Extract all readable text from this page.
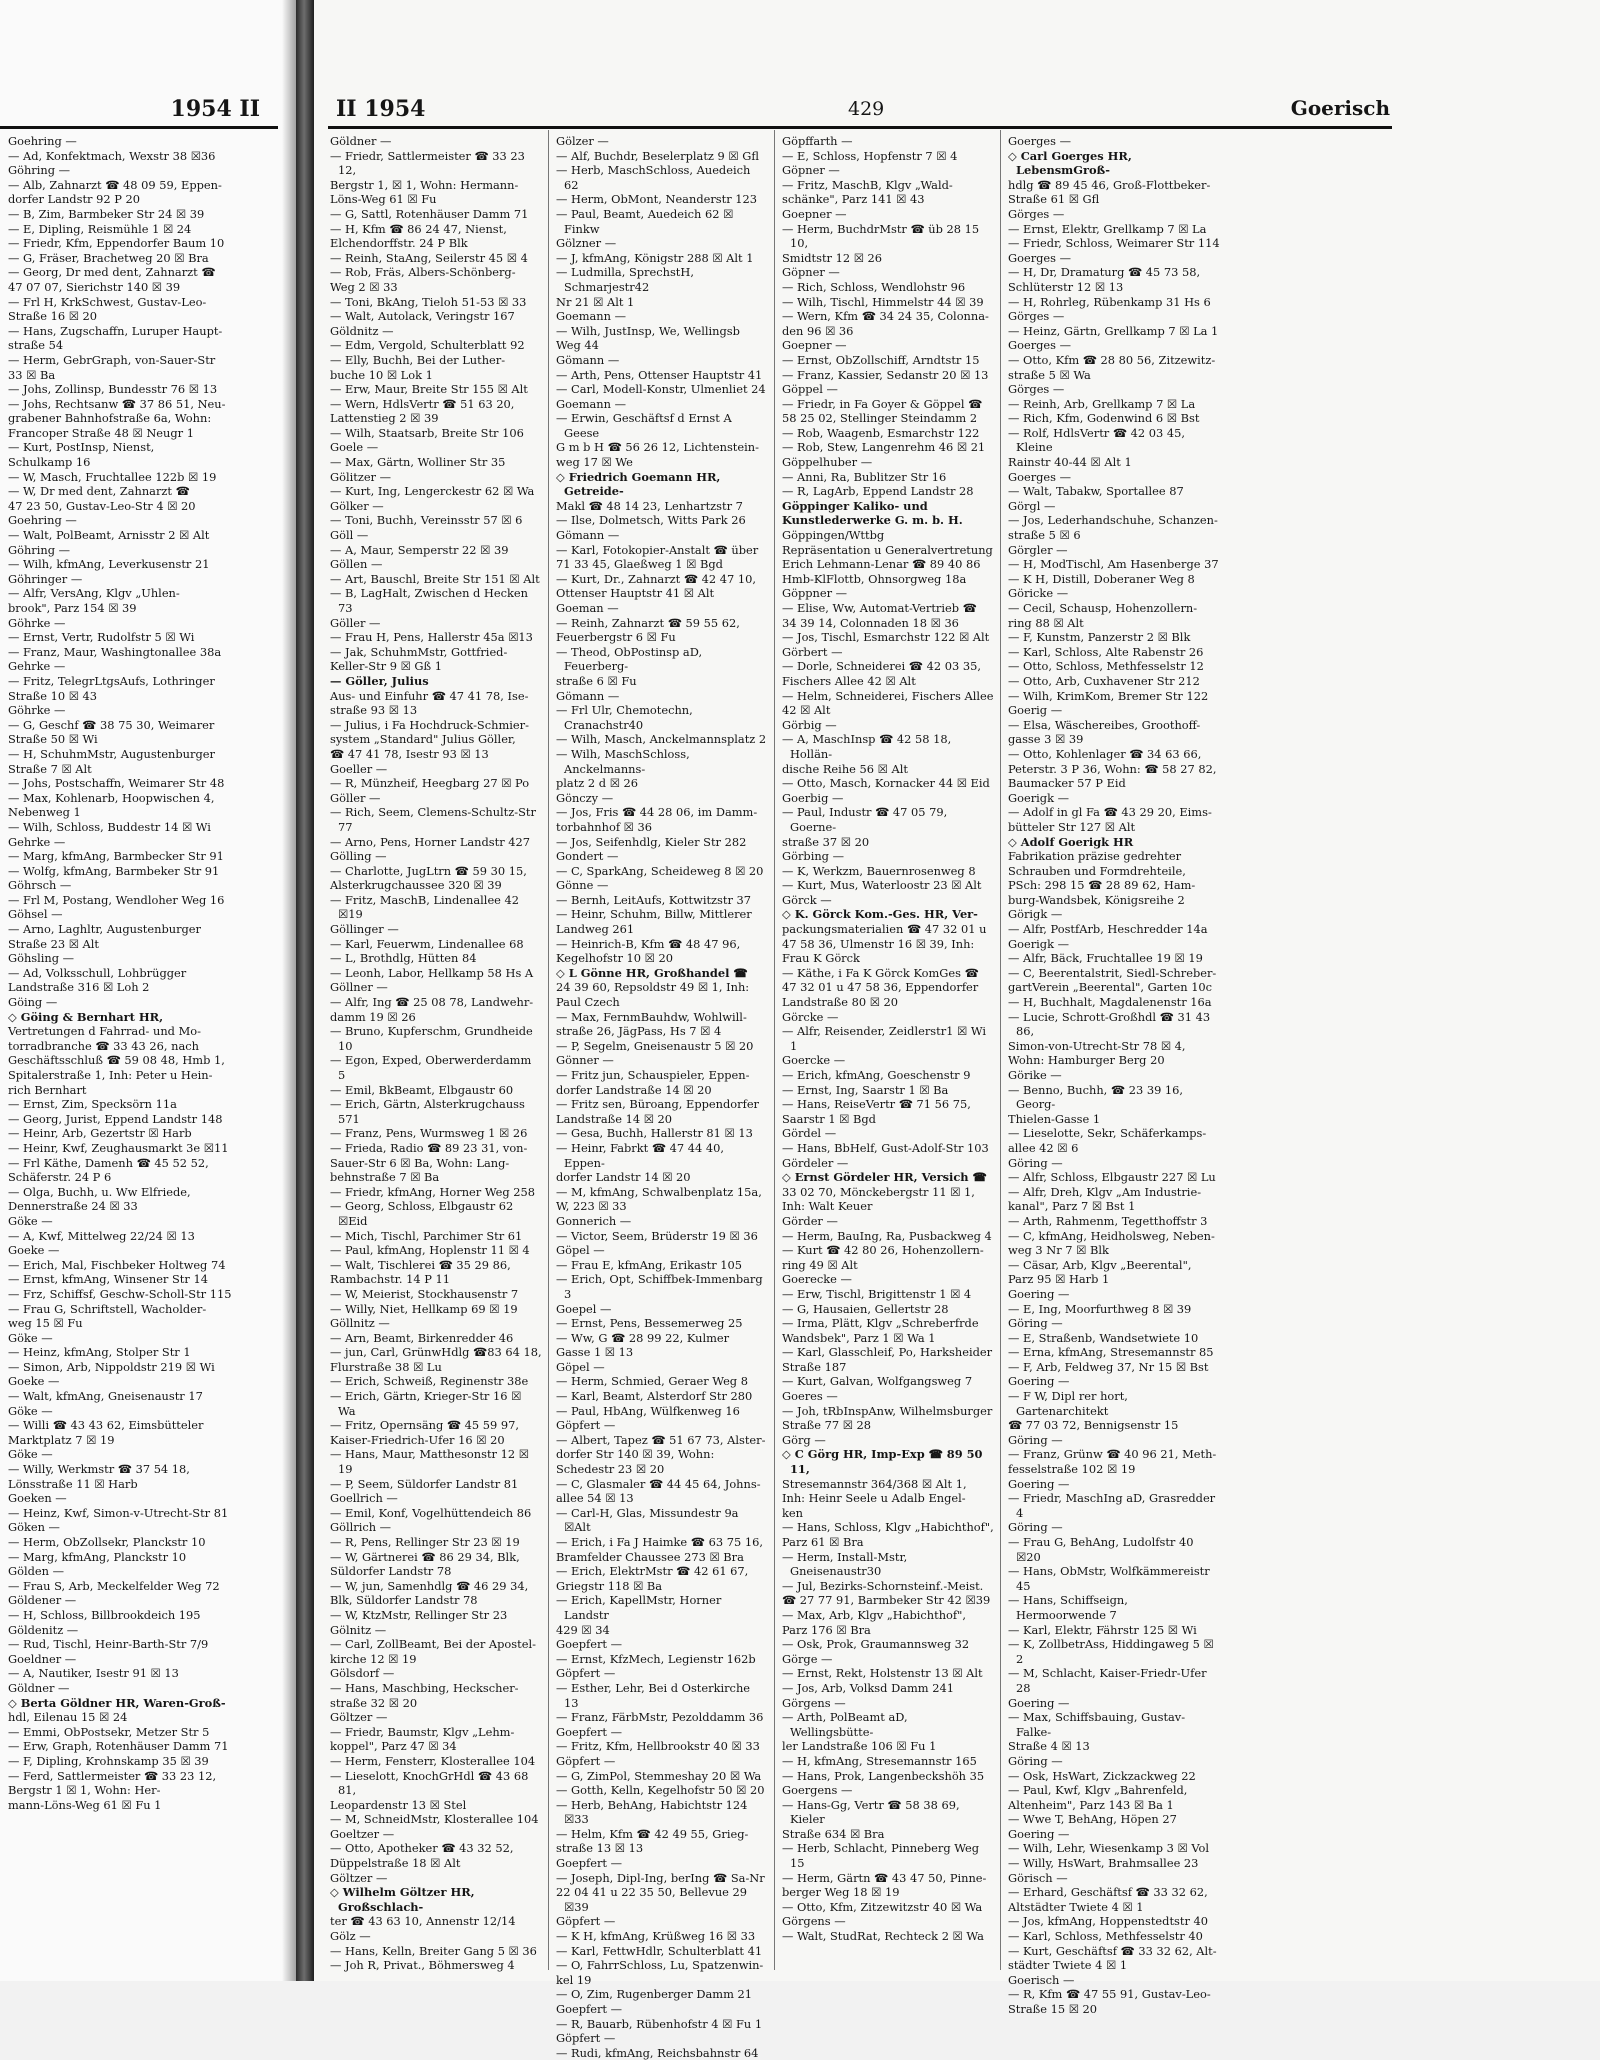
1954 II
Goehring —
— Ad, Konfektmach, Wexstr 38 ☒36
Göhring —
— Alb, Zahnarzt ☎ 48 09 59, Eppen-
dorfer Landstr 92 P 20
— B, Zim, Barmbeker Str 24 ☒ 39
— E, Dipling, Reismühle 1 ☒ 24
— Friedr, Kfm, Eppendorfer Baum 10
— G, Fräser, Brachetweg 20 ☒ Bra
— Georg, Dr med dent, Zahnarzt ☎
47 07 07, Sierichstr 140 ☒ 39
— Frl H, KrkSchwest, Gustav-Leo-
Straße 16 ☒ 20
— Hans, Zugschaffn, Luruper Haupt-
straße 54
— Herm, GebrGraph, von-Sauer-Str
33 ☒ Ba
— Johs, Zollinsp, Bundesstr 76 ☒ 13
— Johs, Rechtsanw ☎ 37 86 51, Neu-
grabener Bahnhofstraße 6a, Wohn:
Francoper Straße 48 ☒ Neugr 1
— Kurt, PostInsp, Nienst,
Schulkamp 16
— W, Masch, Fruchtallee 122b ☒ 19
— W, Dr med dent, Zahnarzt ☎
47 23 50, Gustav-Leo-Str 4 ☒ 20
Goehring —
— Walt, PolBeamt, Arnisstr 2 ☒ Alt
Göhring —
— Wilh, kfmAng, Leverkusenstr 21
Göhringer —
— Alfr, VersAng, Klgv „Uhlen-
brook", Parz 154 ☒ 39
Göhrke —
— Ernst, Vertr, Rudolfstr 5 ☒ Wi
— Franz, Maur, Washingtonallee 38a
Gehrke —
— Fritz, TelegrLtgsAufs, Lothringer
Straße 10 ☒ 43
Göhrke —
— G, Geschf ☎ 38 75 30, Weimarer
Straße 50 ☒ Wi
— H, SchuhmMstr, Augustenburger
Straße 7 ☒ Alt
— Johs, Postschaffn, Weimarer Str 48
— Max, Kohlenarb, Hoopwischen 4,
Nebenweg 1
— Wilh, Schloss, Buddestr 14 ☒ Wi
Gehrke —
— Marg, kfmAng, Barmbecker Str 91
— Wolfg, kfmAng, Barmbeker Str 91
Göhrsch —
— Frl M, Postang, Wendloher Weg 16
Göhsel —
— Arno, Laghltr, Augustenburger
Straße 23 ☒ Alt
Göhsling —
— Ad, Volksschull, Lohbrügger
Landstraße 316 ☒ Loh 2
Göing —
◇ Göing & Bernhart HR,
Vertretungen d Fahrrad- und Mo-
torradbranche ☎ 33 43 26, nach
Geschäftsschluß ☎ 59 08 48, Hmb 1,
Spitalerstraße 1, Inh: Peter u Hein-
rich Bernhart
— Ernst, Zim, Specksörn 11a
— Georg, Jurist, Eppend Landstr 148
— Heinr, Arb, Gezertstr ☒ Harb
— Heinr, Kwf, Zeughausmarkt 3e ☒11
— Frl Käthe, Damenh ☎ 45 52 52,
Schäferstr. 24 P 6
— Olga, Buchh, u. Ww Elfriede,
Dennerstraße 24 ☒ 33
Göke —
— A, Kwf, Mittelweg 22/24 ☒ 13
Goeke —
— Erich, Mal, Fischbeker Holtweg 74
— Ernst, kfmAng, Winsener Str 14
— Frz, Schiffsf, Geschw-Scholl-Str 115
— Frau G, Schriftstell, Wacholder-
weg 15 ☒ Fu
Göke —
— Heinz, kfmAng, Stolper Str 1
— Simon, Arb, Nippoldstr 219 ☒ Wi
Goeke —
— Walt, kfmAng, Gneisenaustr 17
Göke —
— Willi ☎ 43 43 62, Eimsbütteler
Marktplatz 7 ☒ 19
Göke —
— Willy, Werkmstr ☎ 37 54 18,
Lönsstraße 11 ☒ Harb
Goeken —
— Heinz, Kwf, Simon-v-Utrecht-Str 81
Göken —
— Herm, ObZollsekr, Planckstr 10
— Marg, kfmAng, Planckstr 10
Gölden —
— Frau S, Arb, Meckelfelder Weg 72
Göldener —
— H, Schloss, Billbrookdeich 195
Göldenitz —
— Rud, Tischl, Heinr-Barth-Str 7/9
Goeldner —
— A, Nautiker, Isestr 91 ☒ 13
Göldner —
◇ Berta Göldner HR, Waren-Groß-
hdl, Eilenau 15 ☒ 24
— Emmi, ObPostsekr, Metzer Str 5
— Erw, Graph, Rotenhäuser Damm 71
— F, Dipling, Krohnskamp 35 ☒ 39
— Ferd, Sattlermeister ☎ 33 23 12,
Bergstr 1 ☒ 1, Wohn: Her-
mann-Löns-Weg 61 ☒ Fu 1
II 1954	429	Goerisch
Göldner —
— Friedr, Sattlermeister ☎ 33 23 12,
Bergstr 1, ☒ 1, Wohn: Hermann-
Löns-Weg 61 ☒ Fu
— G, Sattl, Rotenhäuser Damm 71
— H, Kfm ☎ 86 24 47, Nienst,
Elchendorffstr. 24 P Blk
— Reinh, StaAng, Seilerstr 45 ☒ 4
— Rob, Fräs, Albers-Schönberg-
Weg 2 ☒ 33
— Toni, BkAng, Tieloh 51-53 ☒ 33
— Walt, Autolack, Veringstr 167
Göldnitz —
— Edm, Vergold, Schulterblatt 92
— Elly, Buchh, Bei der Luther-
buche 10 ☒ Lok 1
— Erw, Maur, Breite Str 155 ☒ Alt
— Wern, HdlsVertr ☎ 51 63 20,
Lattenstieg 2 ☒ 39
— Wilh, Staatsarb, Breite Str 106
Goele —
— Max, Gärtn, Wolliner Str 35
Gölitzer —
— Kurt, Ing, Lengerckestr 62 ☒ Wa
Gölker —
— Toni, Buchh, Vereinsstr 57 ☒ 6
Göll —
— A, Maur, Semperstr 22 ☒ 39
Göllen —
— Art, Bauschl, Breite Str 151 ☒ Alt
— B, LagHalt, Zwischen d Hecken 73
Göller —
— Frau H, Pens, Hallerstr 45a ☒13
— Jak, SchuhmMstr, Gottfried-
Keller-Str 9 ☒ Gß 1
— Göller, Julius
Aus- und Einfuhr ☎ 47 41 78, Ise-
straße 93 ☒ 13
— Julius, i Fa Hochdruck-Schmier-
system „Standard" Julius Göller,
☎ 47 41 78, Isestr 93 ☒ 13
Goeller —
— R, Münzheif, Heegbarg 27 ☒ Po
Göller —
— Rich, Seem, Clemens-Schultz-Str 77
— Arno, Pens, Horner Landstr 427
Gölling —
— Charlotte, JugLtrn ☎ 59 30 15,
Alsterkrugchaussee 320 ☒ 39
— Fritz, MaschB, Lindenallee 42 ☒19
Göllinger —
— Karl, Feuerwm, Lindenallee 68
— L, Brothdlg, Hütten 84
— Leonh, Labor, Hellkamp 58 Hs A
Göllner —
— Alfr, Ing ☎ 25 08 78, Landwehr-
damm 19 ☒ 26
— Bruno, Kupferschm, Grundheide 10
— Egon, Exped, Oberwerderdamm 5
— Emil, BkBeamt, Elbgaustr 60
— Erich, Gärtn, Alsterkrugchauss 571
— Franz, Pens, Wurmsweg 1 ☒ 26
— Frieda, Radio ☎ 89 23 31, von-
Sauer-Str 6 ☒ Ba, Wohn: Lang-
behnstraße 7 ☒ Ba
— Friedr, kfmAng, Horner Weg 258
— Georg, Schloss, Elbgaustr 62 ☒Eid
— Mich, Tischl, Parchimer Str 61
— Paul, kfmAng, Hoplenstr 11 ☒ 4
— Walt, Tischlerei ☎ 35 29 86,
Rambachstr. 14 P 11
— W, Meierist, Stockhausenstr 7
— Willy, Niet, Hellkamp 69 ☒ 19
Göllnitz —
— Arn, Beamt, Birkenredder 46
— jun, Carl, GrünwHdlg ☎83 64 18,
Flurstraße 38 ☒ Lu
— Erich, Schweiß, Reginenstr 38e
— Erich, Gärtn, Krieger-Str 16 ☒ Wa
— Fritz, Opernsäng ☎ 45 59 97,
Kaiser-Friedrich-Ufer 16 ☒ 20
— Hans, Maur, Matthesonstr 12 ☒ 19
— P, Seem, Süldorfer Landstr 81
Goellrich —
— Emil, Konf, Vogelhüttendeich 86
Göllrich —
— R, Pens, Rellinger Str 23 ☒ 19
— W, Gärtnerei ☎ 86 29 34, Blk,
Süldorfer Landstr 78
— W, jun, Samenhdlg ☎ 46 29 34,
Blk, Süldorfer Landstr 78
— W, KtzMstr, Rellinger Str 23
Gölnitz —
— Carl, ZollBeamt, Bei der Apostel-
kirche 12 ☒ 19
Gölsdorf —
— Hans, Maschbing, Heckscher-
straße 32 ☒ 20
Göltzer —
— Friedr, Baumstr, Klgv „Lehm-
koppel", Parz 47 ☒ 34
— Herm, Fensterr, Klosterallee 104
— Lieselott, KnochGrHdl ☎ 43 68 81,
Leopardenstr 13 ☒ Stel
— M, SchneidMstr, Klosterallee 104
Goeltzer —
— Otto, Apotheker ☎ 43 32 52,
Düppelstraße 18 ☒ Alt
Göltzer —
◇ Wilhelm Göltzer HR, Großschlach-
ter ☎ 43 63 10, Annenstr 12/14
Gölz —
— Hans, Kelln, Breiter Gang 5 ☒ 36
— Joh R, Privat., Böhmersweg 4
Gölzer —
— Alf, Buchdr, Beselerplatz 9 ☒ Gfl
— Herb, MaschSchloss, Auedeich 62
— Herm, ObMont, Neanderstr 123
— Paul, Beamt, Auedeich 62 ☒ Finkw
Gölzner —
— J, kfmAng, Königstr 288 ☒ Alt 1
— Ludmilla, SprechstH, Schmarjestr42
Nr 21 ☒ Alt 1
Goemann —
— Wilh, JustInsp, We, Wellingsb
Weg 44
Gömann —
— Arth, Pens, Ottenser Hauptstr 41
— Carl, Modell-Konstr, Ulmenliet 24
Goemann —
— Erwin, Geschäftsf d Ernst A Geese
G m b H ☎ 56 26 12, Lichtenstein-
weg 17 ☒ We
◇ Friedrich Goemann HR, Getreide-
Makl ☎ 48 14 23, Lenhartzstr 7
— Ilse, Dolmetsch, Witts Park 26
Gömann —
— Karl, Fotokopier-Anstalt ☎ über
71 33 45, Glaeßweg 1 ☒ Bgd
— Kurt, Dr., Zahnarzt ☎ 42 47 10,
Ottenser Hauptstr 41 ☒ Alt
Goeman —
— Reinh, Zahnarzt ☎ 59 55 62,
Feuerbergstr 6 ☒ Fu
— Theod, ObPostinsp aD, Feuerberg-
straße 6 ☒ Fu
Gömann —
— Frl Ulr, Chemotechn, Cranachstr40
— Wilh, Masch, Anckelmannsplatz 2
— Wilh, MaschSchloss, Anckelmanns-
platz 2 d ☒ 26
Gönczy —
— Jos, Fris ☎ 44 28 06, im Damm-
torbahnhof ☒ 36
— Jos, Seifenhdlg, Kieler Str 282
Gondert —
— C, SparkAng, Scheideweg 8 ☒ 20
Gönne —
— Bernh, LeitAufs, Kottwitzstr 37
— Heinr, Schuhm, Billw, Mittlerer
Landweg 261
— Heinrich-B, Kfm ☎ 48 47 96,
Kegelhofstr 10 ☒ 20
◇ L Gönne HR, Großhandel ☎
24 39 60, Repsoldstr 49 ☒ 1, Inh:
Paul Czech
— Max, FernmBauhdw, Wohlwill-
straße 26, JägPass, Hs 7 ☒ 4
— P, Segelm, Gneisenaustr 5 ☒ 20
Gönner —
— Fritz jun, Schauspieler, Eppen-
dorfer Landstraße 14 ☒ 20
— Fritz sen, Büroang, Eppendorfer
Landstraße 14 ☒ 20
— Gesa, Buchh, Hallerstr 81 ☒ 13
— Heinr, Fabrkt ☎ 47 44 40, Eppen-
dorfer Landstr 14 ☒ 20
— M, kfmAng, Schwalbenplatz 15a,
W, 223 ☒ 33
Gonnerich —
— Victor, Seem, Brüderstr 19 ☒ 36
Göpel —
— Frau E, kfmAng, Erikastr 105
— Erich, Opt, Schiffbek-Immenbarg 3
Goepel —
— Ernst, Pens, Bessemerweg 25
— Ww, G ☎ 28 99 22, Kulmer
Gasse 1 ☒ 13
Göpel —
— Herm, Schmied, Geraer Weg 8
— Karl, Beamt, Alsterdorf Str 280
— Paul, HbAng, Wülfkenweg 16
Göpfert —
— Albert, Tapez ☎ 51 67 73, Alster-
dorfer Str 140 ☒ 39, Wohn:
Schedestr 23 ☒ 20
— C, Glasmaler ☎ 44 45 64, Johns-
allee 54 ☒ 13
— Carl-H, Glas, Missundestr 9a ☒Alt
— Erich, i Fa J Haimke ☎ 63 75 16,
Bramfelder Chaussee 273 ☒ Bra
— Erich, ElektrMstr ☎ 42 61 67,
Griegstr 118 ☒ Ba
— Erich, KapellMstr, Horner Landstr
429 ☒ 34
Goepfert —
— Ernst, KfzMech, Legienstr 162b
Göpfert —
— Esther, Lehr, Bei d Osterkirche 13
— Franz, FärbMstr, Pezolddamm 36
Goepfert —
— Fritz, Kfm, Hellbrookstr 40 ☒ 33
Göpfert —
— G, ZimPol, Stemmeshay 20 ☒ Wa
— Gotth, Kelln, Kegelhofstr 50 ☒ 20
— Herb, BehAng, Habichtstr 124 ☒33
— Helm, Kfm ☎ 42 49 55, Grieg-
straße 13 ☒ 13
Goepfert —
— Joseph, Dipl-Ing, berIng ☎ Sa-Nr
22 04 41 u 22 35 50, Bellevue 29 ☒39
Göpfert —
— K H, kfmAng, Krüßweg 16 ☒ 33
— Karl, FettwHdlr, Schulterblatt 41
— O, FahrrSchloss, Lu, Spatzenwin-
kel 19
— O, Zim, Rugenberger Damm 21
Goepfert —
— R, Bauarb, Rübenhofstr 4 ☒ Fu 1
Göpfert —
— Rudi, kfmAng, Reichsbahnstr 64
Göpffarth —
— E, Schloss, Hopfenstr 7 ☒ 4
Göpner —
— Fritz, MaschB, Klgv „Wald-
schänke", Parz 141 ☒ 43
Goepner —
— Herm, BuchdrMstr ☎ üb 28 15 10,
Smidtstr 12 ☒ 26
Göpner —
— Rich, Schloss, Wendlohstr 96
— Wilh, Tischl, Himmelstr 44 ☒ 39
— Wern, Kfm ☎ 34 24 35, Colonna-
den 96 ☒ 36
Goepner —
— Ernst, ObZollschiff, Arndtstr 15
— Franz, Kassier, Sedanstr 20 ☒ 13
Göppel —
— Friedr, in Fa Goyer & Göppel ☎
58 25 02, Stellinger Steindamm 2
— Rob, Waagenb, Esmarchstr 122
— Rob, Stew, Langenrehm 46 ☒ 21
Göppelhuber —
— Anni, Ra, Bublitzer Str 16
— R, LagArb, Eppend Landstr 28
Göppinger Kaliko- und
Kunstlederwerke G. m. b. H.
Göppingen/Wttbg
Repräsentation u Generalvertretung
Erich Lehmann-Lenar ☎ 89 40 86
Hmb-KlFlottb, Ohnsorgweg 18a
Göppner —
— Elise, Ww, Automat-Vertrieb ☎
34 39 14, Colonnaden 18 ☒ 36
— Jos, Tischl, Esmarchstr 122 ☒ Alt
Görbert —
— Dorle, Schneiderei ☎ 42 03 35,
Fischers Allee 42 ☒ Alt
— Helm, Schneiderei, Fischers Allee
42 ☒ Alt
Görbig —
— A, MaschInsp ☎ 42 58 18, Hollän-
dische Reihe 56 ☒ Alt
— Otto, Masch, Kornacker 44 ☒ Eid
Goerbig —
— Paul, Industr ☎ 47 05 79, Goerne-
straße 37 ☒ 20
Görbing —
— K, Werkzm, Bauernrosenweg 8
— Kurt, Mus, Waterloostr 23 ☒ Alt
Görck —
◇ K. Görck Kom.-Ges. HR, Ver-
packungsmaterialien ☎ 47 32 01 u
47 58 36, Ulmenstr 16 ☒ 39, Inh:
Frau K Görck
— Käthe, i Fa K Görck KomGes ☎
47 32 01 u 47 58 36, Eppendorfer
Landstraße 80 ☒ 20
Görcke —
— Alfr, Reisender, Zeidlerstr1 ☒ Wi 1
Goercke —
— Erich, kfmAng, Goeschenstr 9
— Ernst, Ing, Saarstr 1 ☒ Ba
— Hans, ReiseVertr ☎ 71 56 75,
Saarstr 1 ☒ Bgd
Gördel —
— Hans, BbHelf, Gust-Adolf-Str 103
Gördeler —
◇ Ernst Gördeler HR, Versich ☎
33 02 70, Mönckebergstr 11 ☒ 1,
Inh: Walt Keuer
Görder —
— Herm, BauIng, Ra, Pusbackweg 4
— Kurt ☎ 42 80 26, Hohenzollern-
ring 49 ☒ Alt
Goerecke —
— Erw, Tischl, Brigittenstr 1 ☒ 4
— G, Hausaien, Gellertstr 28
— Irma, Plätt, Klgv „Schreberfrde
Wandsbek", Parz 1 ☒ Wa 1
— Karl, Glasschleif, Po, Harksheider
Straße 187
— Kurt, Galvan, Wolfgangsweg 7
Goeres —
— Joh, tRbInspAnw, Wilhelmsburger
Straße 77 ☒ 28
Görg —
◇ C Görg HR, Imp-Exp ☎ 89 50 11,
Stresemannstr 364/368 ☒ Alt 1,
Inh: Heinr Seele u Adalb Engel-
ken
— Hans, Schloss, Klgv „Habichthof",
Parz 61 ☒ Bra
— Herm, Install-Mstr, Gneisenaustr30
— Jul, Bezirks-Schornsteinf.-Meist.
☎ 27 77 91, Barmbeker Str 42 ☒39
— Max, Arb, Klgv „Habichthof",
Parz 176 ☒ Bra
— Osk, Prok, Graumannsweg 32
Görge —
— Ernst, Rekt, Holstenstr 13 ☒ Alt
— Jos, Arb, Volksd Damm 241
Görgens —
— Arth, PolBeamt aD, Wellingsbütte-
ler Landstraße 106 ☒ Fu 1
— H, kfmAng, Stresemannstr 165
— Hans, Prok, Langenbeckshöh 35
Goergens —
— Hans-Gg, Vertr ☎ 58 38 69, Kieler
Straße 634 ☒ Bra
— Herb, Schlacht, Pinneberg Weg 15
— Herm, Gärtn ☎ 43 47 50, Pinne-
berger Weg 18 ☒ 19
— Otto, Kfm, Zitzewitzstr 40 ☒ Wa
Görgens —
— Walt, StudRat, Rechteck 2 ☒ Wa
Goerges —
◇ Carl Goerges HR, LebensmGroß-
hdlg ☎ 89 45 46, Groß-Flottbeker-
Straße 61 ☒ Gfl
Görges —
— Ernst, Elektr, Grellkamp 7 ☒ La
— Friedr, Schloss, Weimarer Str 114
Goerges —
— H, Dr, Dramaturg ☎ 45 73 58,
Schlüterstr 12 ☒ 13
— H, Rohrleg, Rübenkamp 31 Hs 6
Görges —
— Heinz, Gärtn, Grellkamp 7 ☒ La 1
Goerges —
— Otto, Kfm ☎ 28 80 56, Zitzewitz-
straße 5 ☒ Wa
Görges —
— Reinh, Arb, Grellkamp 7 ☒ La
— Rich, Kfm, Godenwind 6 ☒ Bst
— Rolf, HdlsVertr ☎ 42 03 45, Kleine
Rainstr 40-44 ☒ Alt 1
Goerges —
— Walt, Tabakw, Sportallee 87
Görgl —
— Jos, Lederhandschuhe, Schanzen-
straße 5 ☒ 6
Görgler —
— H, ModTischl, Am Hasenberge 37
— K H, Distill, Doberaner Weg 8
Göricke —
— Cecil, Schausp, Hohenzollern-
ring 88 ☒ Alt
— F, Kunstm, Panzerstr 2 ☒ Blk
— Karl, Schloss, Alte Rabenstr 26
— Otto, Schloss, Methfesselstr 12
— Otto, Arb, Cuxhavener Str 212
— Wilh, KrimKom, Bremer Str 122
Goerig —
— Elsa, Wäschereibes, Groothoff-
gasse 3 ☒ 39
— Otto, Kohlenlager ☎ 34 63 66,
Peterstr. 3 P 36, Wohn: ☎ 58 27 82,
Baumacker 57 P Eid
Goerigk —
— Adolf in gl Fa ☎ 43 29 20, Eims-
bütteler Str 127 ☒ Alt
◇ Adolf Goerigk HR
Fabrikation präzise gedrehter
Schrauben und Formdrehteile,
PSch: 298 15 ☎ 28 89 62, Ham-
burg-Wandsbek, Königsreihe 2
Görigk —
— Alfr, PostfArb, Heschredder 14a
Goerigk —
— Alfr, Bäck, Fruchtallee 19 ☒ 19
— C, Beerentalstrit, Siedl-Schreber-
gartVerein „Beerental", Garten 10c
— H, Buchhalt, Magdalenenstr 16a
— Lucie, Schrott-Großhdl ☎ 31 43 86,
Simon-von-Utrecht-Str 78 ☒ 4,
Wohn: Hamburger Berg 20
Görike —
— Benno, Buchh, ☎ 23 39 16, Georg-
Thielen-Gasse 1
— Lieselotte, Sekr, Schäferkamps-
allee 42 ☒ 6
Göring —
— Alfr, Schloss, Elbgaustr 227 ☒ Lu
— Alfr, Dreh, Klgv „Am Industrie-
kanal", Parz 7 ☒ Bst 1
— Arth, Rahmenm, Tegetthoffstr 3
— C, kfmAng, Heidholsweg, Neben-
weg 3 Nr 7 ☒ Blk
— Cäsar, Arb, Klgv „Beerental",
Parz 95 ☒ Harb 1
Goering —
— E, Ing, Moorfurthweg 8 ☒ 39
Göring —
— E, Straßenb, Wandsetwiete 10
— Erna, kfmAng, Stresemannstr 85
— F, Arb, Feldweg 37, Nr 15 ☒ Bst
Goering —
— F W, Dipl rer hort, Gartenarchitekt
☎ 77 03 72, Bennigsenstr 15
Göring —
— Franz, Grünw ☎ 40 96 21, Meth-
fesselstraße 102 ☒ 19
Goering —
— Friedr, MaschIng aD, Grasredder 4
Göring —
— Frau G, BehAng, Ludolfstr 40 ☒20
— Hans, ObMstr, Wolfkämmereistr 45
— Hans, Schiffseign, Hermoorwende 7
— Karl, Elektr, Fährstr 125 ☒ Wi
— K, ZollbetrAss, Hiddingaweg 5 ☒ 2
— M, Schlacht, Kaiser-Friedr-Ufer 28
Goering —
— Max, Schiffsbauing, Gustav-Falke-
Straße 4 ☒ 13
Göring —
— Osk, HsWart, Zickzackweg 22
— Paul, Kwf, Klgv „Bahrenfeld,
Altenheim", Parz 143 ☒ Ba 1
— Wwe T, BehAng, Höpen 27
Goering —
— Wilh, Lehr, Wiesenkamp 3 ☒ Vol
— Willy, HsWart, Brahmsallee 23
Görisch —
— Erhard, Geschäftsf ☎ 33 32 62,
Altstädter Twiete 4 ☒ 1
— Jos, kfmAng, Hoppenstedtstr 40
— Karl, Schloss, Methfesselstr 40
— Kurt, Geschäftsf ☎ 33 32 62, Alt-
städter Twiete 4 ☒ 1
Goerisch —
— R, Kfm ☎ 47 55 91, Gustav-Leo-
Straße 15 ☒ 20
